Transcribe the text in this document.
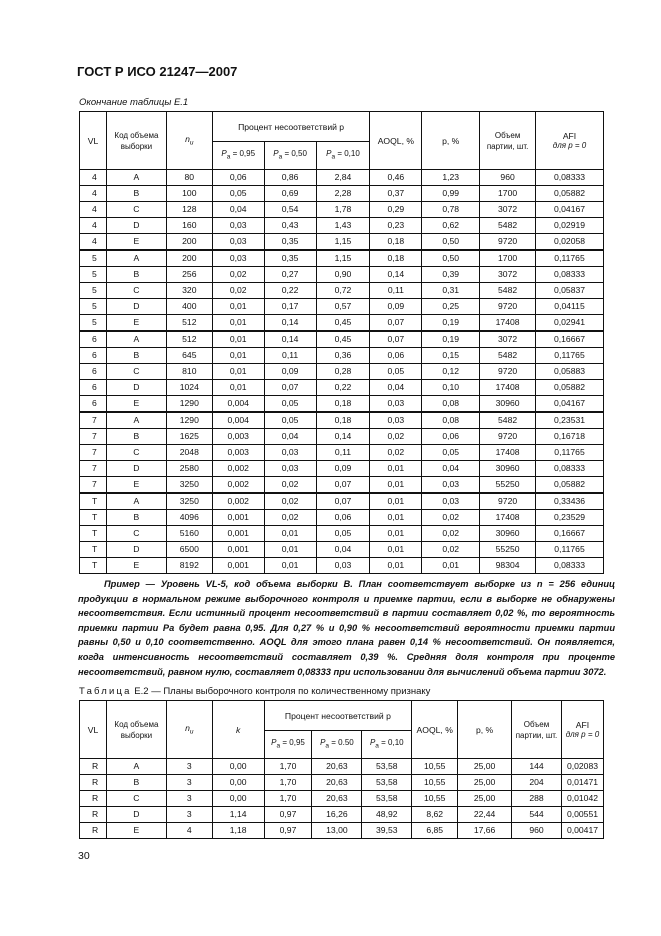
ГОСТ Р ИСО 21247—2007
Окончание таблицы Е.1
VL	Код объема выборки	$n_и$	Процент несоответствий p			AOQL, %	p, %	Объем партии, шт.	AFI
для p = 0

			$P_a = 0,95$	$P_a = 0,50$	$P_a = 0,10$				
4	A	80	0,06	0,86	2,84	0,46	1,23	960	0,08333
4	B	100	0,05	0,69	2,28	0,37	0,99	1700	0,05882
4	C	128	0,04	0,54	1,78	0,29	0,78	3072	0,04167
4	D	160	0,03	0,43	1,43	0,23	0,62	5482	0,02919
4	E	200	0,03	0,35	1,15	0,18	0,50	9720	0,02058
5	A	200	0,03	0,35	1,15	0,18	0,50	1700	0,11765
5	B	256	0,02	0,27	0,90	0,14	0,39	3072	0,08333
5	C	320	0,02	0,22	0,72	0,11	0,31	5482	0,05837
5	D	400	0,01	0,17	0,57	0,09	0,25	9720	0,04115
5	E	512	0,01	0,14	0,45	0,07	0,19	17408	0,02941
6	A	512	0,01	0,14	0,45	0,07	0,19	3072	0,16667
6	B	645	0,01	0,11	0,36	0,06	0,15	5482	0,11765
6	C	810	0,01	0,09	0,28	0,05	0,12	9720	0,05883
6	D	1024	0,01	0,07	0,22	0,04	0,10	17408	0,05882
6	E	1290	0,004	0,05	0,18	0,03	0,08	30960	0,04167
7	A	1290	0,004	0,05	0,18	0,03	0,08	5482	0,23531
7	B	1625	0,003	0,04	0,14	0,02	0,06	9720	0,16718
7	C	2048	0,003	0,03	0,11	0,02	0,05	17408	0,11765
7	D	2580	0,002	0,03	0,09	0,01	0,04	30960	0,08333
7	E	3250	0,002	0,02	0,07	0,01	0,03	55250	0,05882
T	A	3250	0,002	0,02	0,07	0,01	0,03	9720	0,33436
T	B	4096	0,001	0,02	0,06	0,01	0,02	17408	0,23529
T	C	5160	0,001	0,01	0,05	0,01	0,02	30960	0,16667
T	D	6500	0,001	0,01	0,04	0,01	0,02	55250	0,11765
T	E	8192	0,001	0,01	0,03	0,01	0,01	98304	0,08333
Пример — Уровень VL-5, код объема выборки B. План соответствует выборке из n = 256 единиц продукции в нормальном режиме выборочного контроля и приемке партии, если в выборке не обнаружены несоответствия. Если истинный процент несоответствий в партии составляет 0,02 %, то вероятность приемки партии Pa будет равна 0,95. Для 0,27 % и 0,90 % несоответствий вероятности приемки партии равны 0,50 и 0,10 соответственно. AOQL для этого плана равен 0,14 % несоответствий. Он появляется, когда интенсивность несоответствий составляет 0,39 %. Средняя доля контроля при проценте несоответствий, равном нулю, составляет 0,08333 при использовании для вычислений объема партии 3072.
Таблица Е.2 — Планы выборочного контроля по количественному признаку
VL	Код объема выборки	$n_и$	k	Процент несоответствий p			AOQL, %	p, %	Объем партии, шт.	AFI
для p = 0

				$P_a = 0,95$	$P_a = 0.50$	$P_a = 0,10$				
R	A	3	0,00	1,70	20,63	53,58	10,55	25,00	144	0,02083
R	B	3	0,00	1,70	20,63	53,58	10,55	25,00	204	0,01471
R	C	3	0,00	1,70	20,63	53,58	10,55	25,00	288	0,01042
R	D	3	1,14	0,97	16,26	48,92	8,62	22,44	544	0,00551
R	E	4	1,18	0,97	13,00	39,53	6,85	17,66	960	0,00417
30
